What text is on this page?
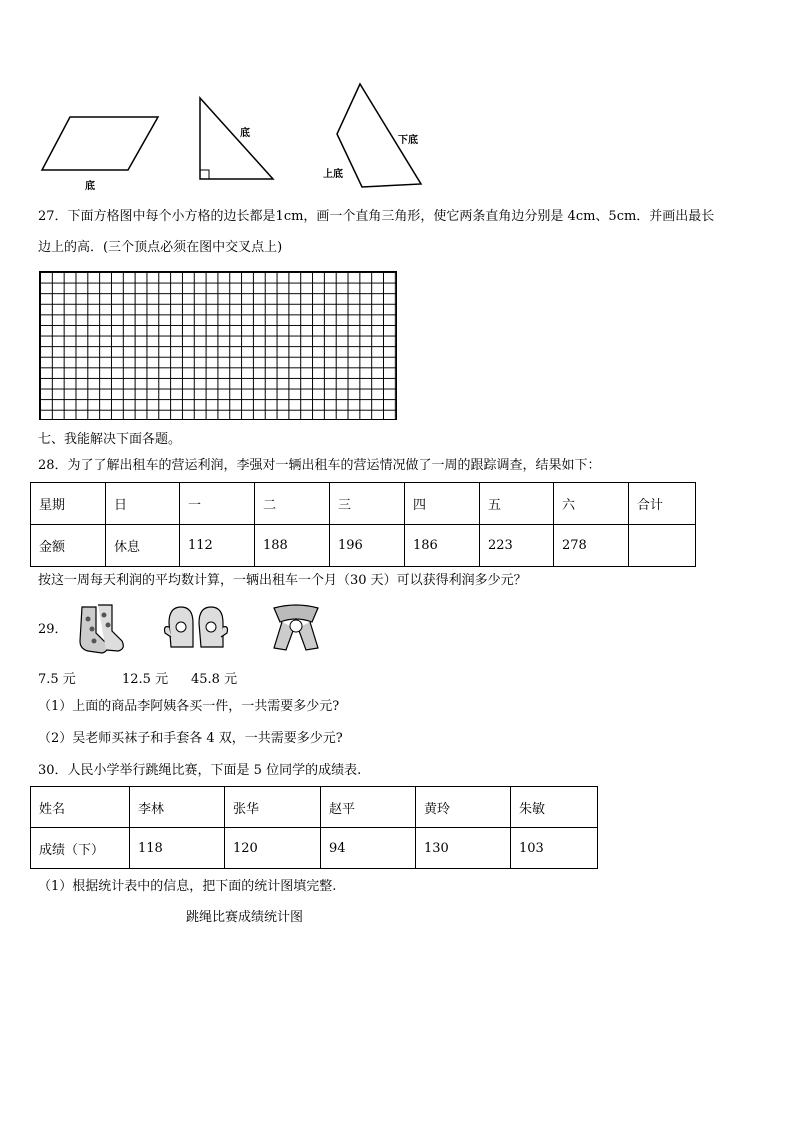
底
底
下底
上底
27．下面方格图中每个小方格的边长都是1cm，画一个直角三角形，使它两条直角边分别是 4cm、5cm．并画出最长
边上的高．(三个顶点必须在图中交叉点上)
七、我能解决下面各题。
28．为了了解出租车的营运利润，李强对一辆出租车的营运情况做了一周的跟踪调查，结果如下：
星期	日	一	二	三	四	五	六	合计
金额	休息	112	188	196	186	223	278	
按这一周每天利润的平均数计算，一辆出租车一个月（30 天）可以获得利润多少元？
29．
7.5 元	12.5 元 45.8 元
（1）上面的商品李阿姨各买一件，一共需要多少元?
（2）吴老师买袜子和手套各 4 双，一共需要多少元?
30．人民小学举行跳绳比赛，下面是 5 位同学的成绩表.
姓名	李林	张华	赵平	黄玲	朱敏
成绩（下）	118	120	94	130	103
（1）根据统计表中的信息，把下面的统计图填完整.
跳绳比赛成绩统计图
